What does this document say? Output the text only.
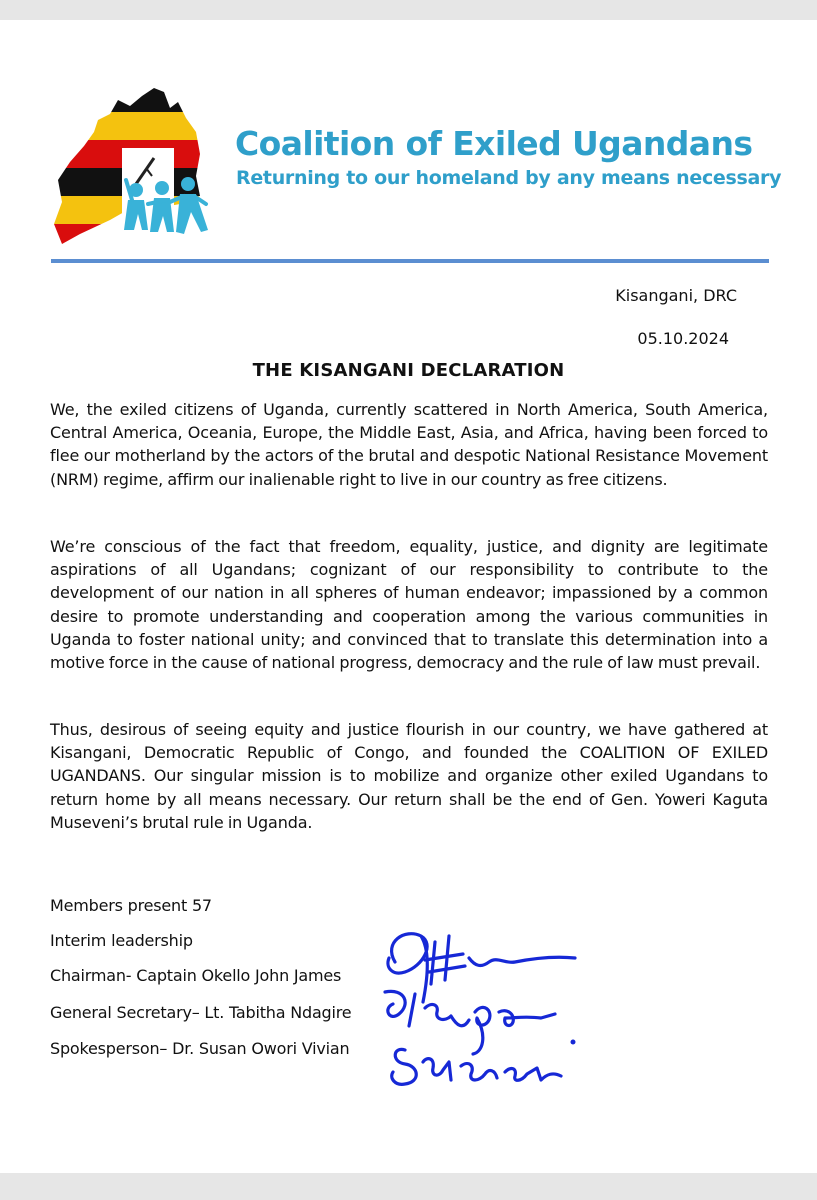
Coalition of Exiled Ugandans
Returning to our homeland by any means necessary
Kisangani, DRC
05.10.2024
THE KISANGANI DECLARATION

We, the exiled citizens of Uganda, currently scattered in North America, South America, Central America, Oceania, Europe, the Middle East, Asia, and Africa, having been forced to flee our motherland by the actors of the brutal and despotic National Resistance Movement (NRM) regime, affirm our inalienable right to live in our country as free citizens.

We’re conscious of the fact that freedom, equality, justice, and dignity are legitimate aspirations of all Ugandans; cognizant of our responsibility to contribute to the development of our nation in all spheres of human endeavor; impassioned by a common desire to promote understanding and cooperation among the various communities in Uganda to foster national unity; and convinced that to translate this determination into a motive force in the cause of national progress, democracy and the rule of law must prevail.

Thus, desirous of seeing equity and justice flourish in our country, we have gathered at Kisangani, Democratic Republic of Congo, and founded the COALITION OF EXILED UGANDANS. Our singular mission is to mobilize and organize other exiled Ugandans to return home by all means necessary. Our return shall be the end of Gen. Yoweri Kaguta Museveni’s brutal rule in Uganda.

Members present 57
Interim leadership
Chairman- Captain Okello John James
General Secretary– Lt. Tabitha Ndagire
Spokesperson– Dr. Susan Owori Vivian
